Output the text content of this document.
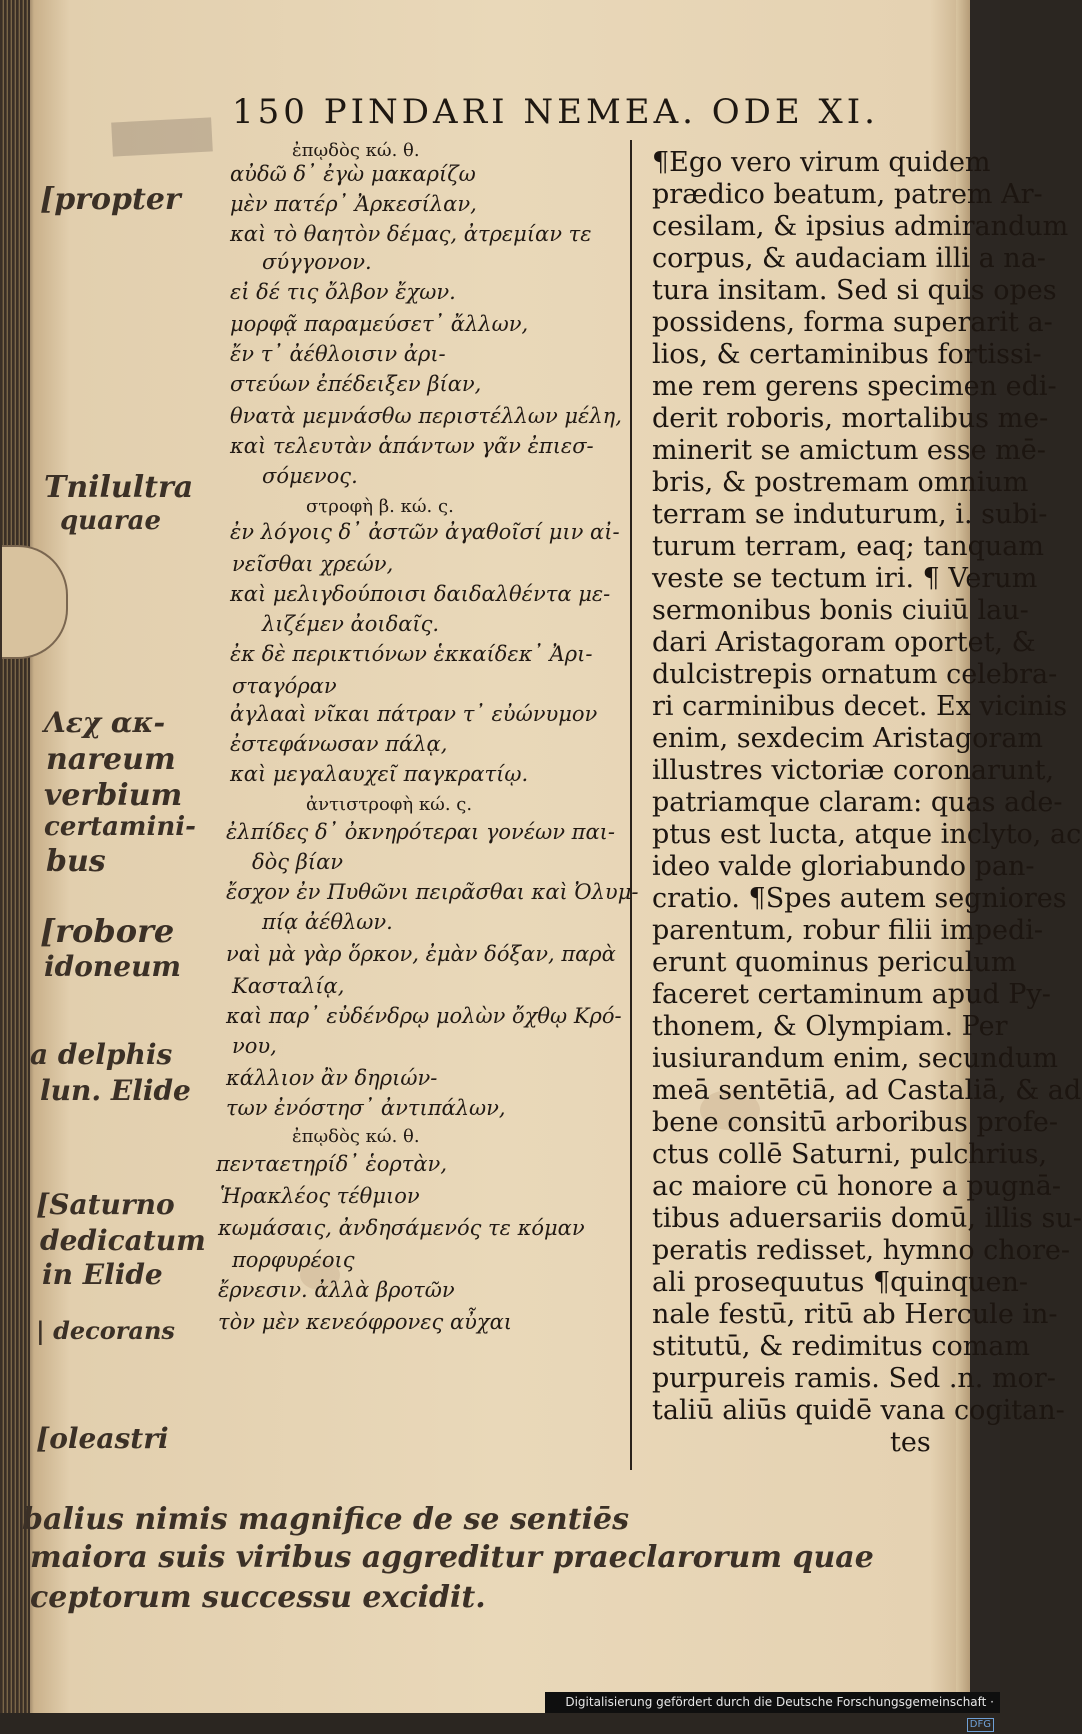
150 PINDARI NEMEA. ODE XI.
ἐπῳδὸς κώ. θ.
αὐδῶ δ᾽ ἐγὼ μακαρίζω
μὲν πατέρ᾽ Ἀρκεσίλαν,
καὶ τὸ θαητὸν δέμας, ἀτρεμίαν τε
σύγγονον.
εἰ δέ τις ὄλβον ἔχων.
μορφᾷ παραμεύσετ᾽ ἄλλων,
ἔν τ᾽ ἀέθλοισιν ἀρι-
στεύων ἐπέδειξεν βίαν,
θνατὰ μεμνάσθω περιστέλλων μέλη,
καὶ τελευτὰν ἁπάντων γᾶν ἐπιεσ-
σόμενος.
στροφὴ β. κώ. ς.
ἐν λόγοις δ᾽ ἀστῶν ἀγαθοῖσί μιν αἰ-
νεῖσθαι χρεών,
καὶ μελιγδούποισι δαιδαλθέντα με-
λιζέμεν ἀοιδαῖς.
ἐκ δὲ περικτιόνων ἑκκαίδεκ᾽ Ἀρι-
σταγόραν
ἀγλααὶ νῖκαι πάτραν τ᾽ εὐώνυμον
ἐστεφάνωσαν πάλᾳ,
καὶ μεγαλαυχεῖ παγκρατίῳ.
ἀντιστροφὴ κώ. ς.
ἐλπίδες δ᾽ ὀκνηρότεραι γονέων παι-
δὸς βίαν
ἔσχον ἐν Πυθῶνι πειρᾶσθαι καὶ Ὀλυμ-
πίᾳ ἀέθλων.
ναὶ μὰ γὰρ ὅρκον, ἐμὰν δόξαν, παρὰ
Κασταλίᾳ,
καὶ παρ᾽ εὐδένδρῳ μολὼν ὄχθῳ Κρό-
νου,
κάλλιον ἂν δηριών-
των ἐνόστησ᾽ ἀντιπάλων,
ἐπῳδὸς κώ. θ.
πενταετηρίδ᾽ ἑορτὰν,
Ἡρακλέος τέθμιον
κωμάσαις, ἀνδησάμενός τε κόμαν
πορφυρέοις
ἔρνεσιν. ἀλλὰ βροτῶν
τὸν μὲν κενεόφρονες αὖχαι
¶Ego vero virum quidem
prædico beatum, patrem Ar-
cesilam, & ipsius admirandum
corpus, & audaciam illi a na-
tura insitam. Sed si quis opes
possidens, forma superarit a-
lios, & certaminibus fortissi-
me rem gerens specimen edi-
derit roboris, mortalibus me-
minerit se amictum esse mē-
bris, & postremam omnium
terram se induturum, i. subi-
turum terram, eaq; tanquam
veste se tectum iri. ¶ Verum
sermonibus bonis ciuiū lau-
dari Aristagoram oportet, &
dulcistrepis ornatum celebra-
ri carminibus decet. Ex vicinis
enim, sexdecim Aristagoram
illustres victoriæ coronarunt,
patriamque claram: quas ade-
ptus est lucta, atque inclyto, ac
ideo valde gloriabundo pan-
cratio. ¶Spes autem segniores
parentum, robur filii impedi-
erunt quominus periculum
faceret certaminum apud Py-
thonem, & Olympiam. Per
iusiurandum enim, secundum
meā sentētiā, ad Castaliā, & ad
bene consitū arboribus profe-
ctus collē Saturni, pulchrius,
ac maiore cū honore a pugnā-
tibus aduersariis domū, illis su-
peratis redisset, hymno chore-
ali prosequutus ¶quinquen-
nale festū, ritū ab Hercule in-
stitutū, & redimitus comam
purpureis ramis. Sed .n. mor-
taliū aliūs quidē vana cogitan-
tes
[propter
Tnilultra
quarae
Λεχ ακ-
nareum
verbium
certamini-
bus
[robore
idoneum
a delphis
lun. Elide
[Saturno
dedicatum
in Elide
| decorans
[oleastri
balius nimis magnifice de se sentiēs
maiora suis viribus aggreditur praeclarorum quae
ceptorum successu excidit.
Digitalisierung gefördert durch die Deutsche Forschungsgemeinschaft ·DFG
